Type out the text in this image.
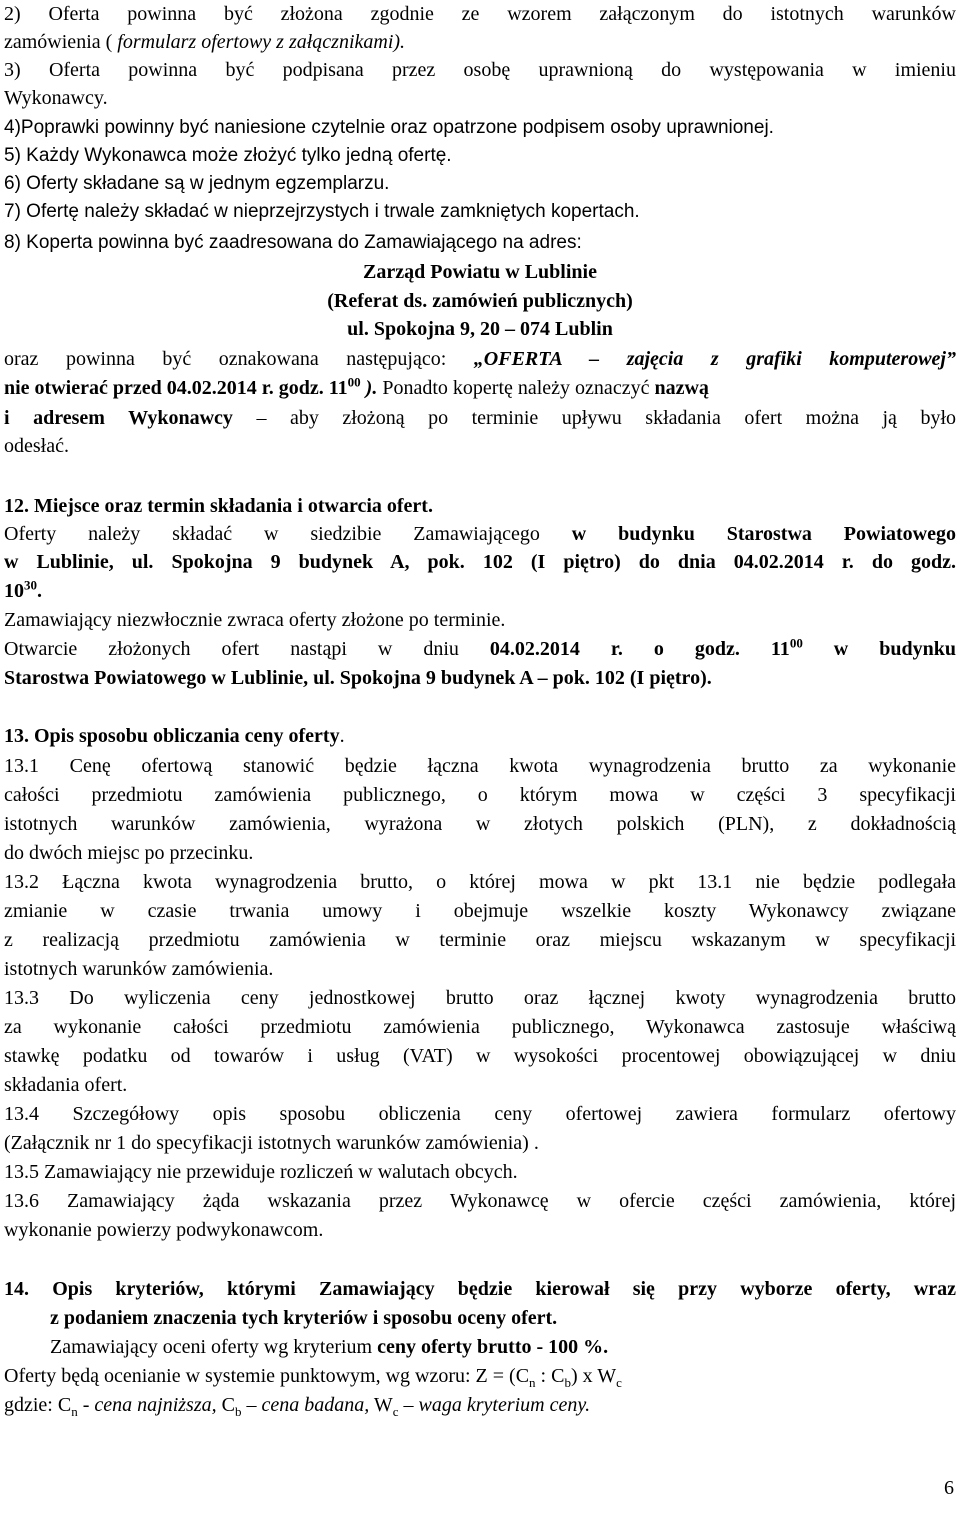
2) Oferta powinna być złożona zgodnie ze wzorem załączonym do istotnych warunków

zamówienia ( formularz ofertowy z załącznikami).

3) Oferta powinna być podpisana przez osobę uprawnioną do występowania w imieniu

Wykonawcy.

4)Poprawki powinny być naniesione czytelnie oraz opatrzone podpisem osoby uprawnionej.

5) Każdy Wykonawca może złożyć tylko jedną ofertę.

6) Oferty składane są w jednym egzemplarzu.

7) Ofertę należy składać w nieprzejrzystych i trwale zamkniętych kopertach.

8) Koperta powinna być zaadresowana do Zamawiającego na adres:

Zarząd Powiatu w Lublinie

(Referat ds. zamówień publicznych)

ul. Spokojna 9, 20 – 074 Lublin

oraz powinna być oznakowana następująco: „OFERTA – zajęcia z grafiki komputerowej”

nie otwierać przed 04.02.2014 r. godz. $11^{00}$ ). Ponadto kopertę należy oznaczyć nazwą

i adresem Wykonawcy – aby złożoną po terminie upływu składania ofert można ją było

odesłać.

12. Miejsce oraz termin składania i otwarcia ofert.

Oferty należy składać w siedzibie Zamawiającego w budynku Starostwa Powiatowego

w Lublinie, ul. Spokojna 9 budynek A, pok. 102 (I piętro) do dnia 04.02.2014 r. do godz.

$10^{30}$.

Zamawiający niezwłocznie zwraca oferty złożone po terminie.

Otwarcie złożonych ofert nastąpi w dniu 04.02.2014 r. o godz. $11^{00}$ w budynku

Starostwa Powiatowego w Lublinie, ul. Spokojna 9 budynek A – pok. 102 (I piętro).

13. Opis sposobu obliczania ceny oferty.

13.1 Cenę ofertową stanowić będzie łączna kwota wynagrodzenia brutto za wykonanie

całości przedmiotu zamówienia publicznego, o którym mowa w części 3 specyfikacji

istotnych warunków zamówienia, wyrażona w złotych polskich (PLN), z dokładnością

do dwóch miejsc po przecinku.

13.2 Łączna kwota wynagrodzenia brutto, o której mowa w pkt 13.1 nie będzie podlegała

zmianie w czasie trwania umowy i obejmuje wszelkie koszty Wykonawcy związane

z realizacją przedmiotu zamówienia w terminie oraz miejscu wskazanym w specyfikacji

istotnych warunków zamówienia.

13.3 Do wyliczenia ceny jednostkowej brutto oraz łącznej kwoty wynagrodzenia brutto

za wykonanie całości przedmiotu zamówienia publicznego, Wykonawca zastosuje właściwą

stawkę podatku od towarów i usług (VAT) w wysokości procentowej obowiązującej w dniu

składania ofert.

13.4 Szczegółowy opis sposobu obliczenia ceny ofertowej zawiera formularz ofertowy

(Załącznik nr 1 do specyfikacji istotnych warunków zamówienia) .

13.5 Zamawiający nie przewiduje rozliczeń w walutach obcych.

13.6 Zamawiający żąda wskazania przez Wykonawcę w ofercie części zamówienia, której

wykonanie powierzy podwykonawcom.

14. Opis kryteriów, którymi Zamawiający będzie kierował się przy wyborze oferty, wraz

z podaniem znaczenia tych kryteriów i sposobu oceny ofert.

Zamawiający oceni oferty wg kryterium ceny oferty brutto - 100 %.

Oferty będą ocenianie w systemie punktowym, wg wzoru: $Z = (C_n$ : $C_b$) x $W_c$

gdzie: $C_n$ - cena najniższa, $C_b$ – cena badana, $W_c$ – waga kryterium ceny.

6
